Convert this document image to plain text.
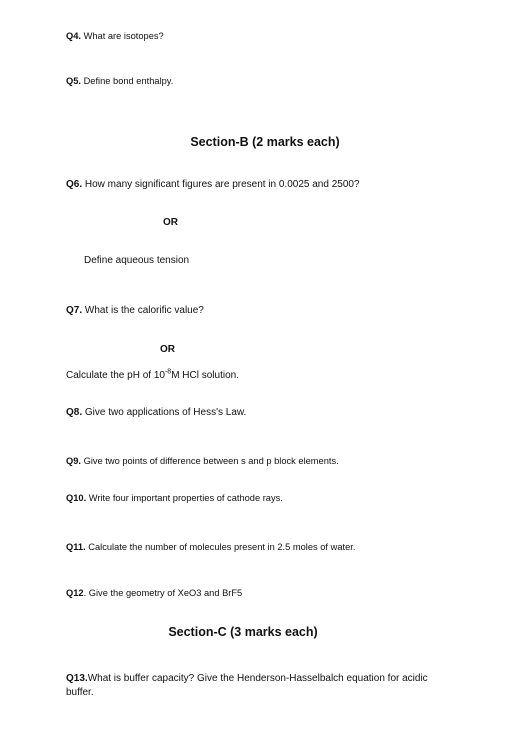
Q4. What are isotopes?
Q5. Define bond enthalpy.
Section-B (2 marks each)
Q6. How many significant figures are present in 0.0025 and 2500?
OR
Define aqueous tension
Q7. What is the calorific value?
OR
Calculate the pH of $10^{-8}M$ HCl solution.
Q8. Give two applications of Hess's Law.
Q9. Give two points of difference between s and p block elements.
Q10. Write four important properties of cathode rays.
Q11. Calculate the number of molecules present in 2.5 moles of water.
Q12. Give the geometry of XeO3 and BrF5
Section-C (3 marks each)
Q13.What is buffer capacity? Give the Henderson-Hasselbalch equation for acidic buffer.
